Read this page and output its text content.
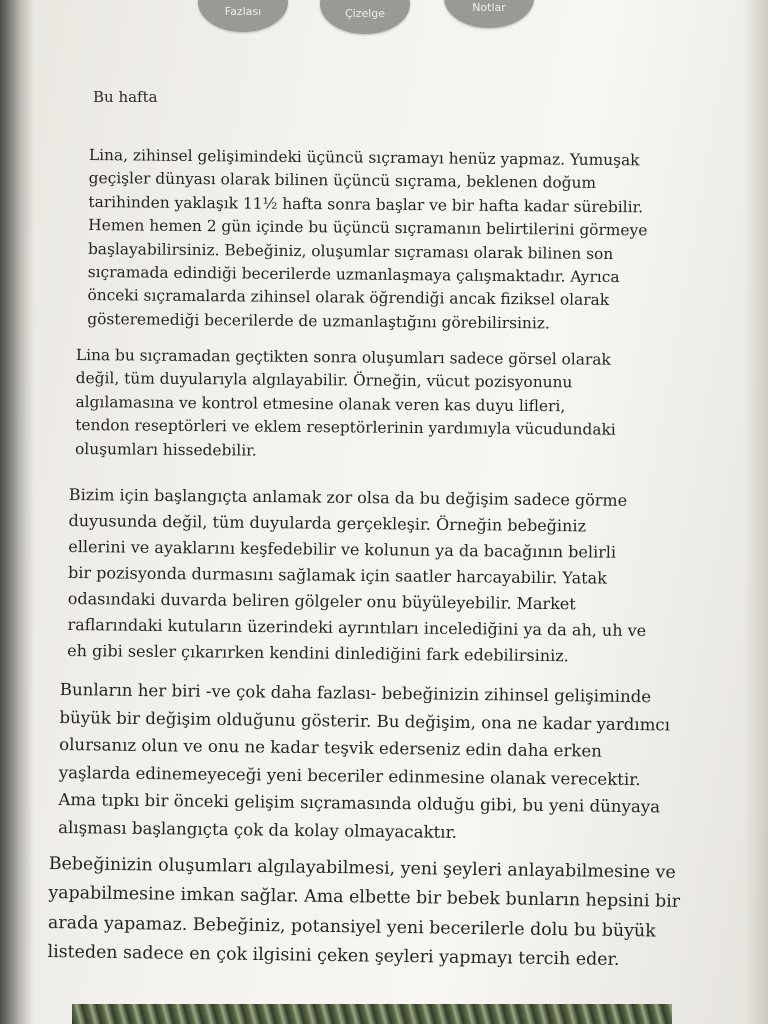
Fazlası	Çizelge	Notlar
Bu hafta

Lina, zihinsel gelişimindeki üçüncü sıçramayı henüz yapmaz. Yumuşak
geçişler dünyası olarak bilinen üçüncü sıçrama, beklenen doğum
tarihinden yaklaşık 11½ hafta sonra başlar ve bir hafta kadar sürebilir.
Hemen hemen 2 gün içinde bu üçüncü sıçramanın belirtilerini görmeye
başlayabilirsiniz. Bebeğiniz, oluşumlar sıçraması olarak bilinen son
sıçramada edindiği becerilerde uzmanlaşmaya çalışmaktadır. Ayrıca
önceki sıçramalarda zihinsel olarak öğrendiği ancak fiziksel olarak
gösteremediği becerilerde de uzmanlaştığını görebilirsiniz.

Lina bu sıçramadan geçtikten sonra oluşumları sadece görsel olarak
değil, tüm duyularıyla algılayabilir. Örneğin, vücut pozisyonunu
algılamasına ve kontrol etmesine olanak veren kas duyu lifleri,
tendon reseptörleri ve eklem reseptörlerinin yardımıyla vücudundaki
oluşumları hissedebilir.

Bizim için başlangıçta anlamak zor olsa da bu değişim sadece görme
duyusunda değil, tüm duyularda gerçekleşir. Örneğin bebeğiniz
ellerini ve ayaklarını keşfedebilir ve kolunun ya da bacağının belirli
bir pozisyonda durmasını sağlamak için saatler harcayabilir. Yatak
odasındaki duvarda beliren gölgeler onu büyüleyebilir. Market
raflarındaki kutuların üzerindeki ayrıntıları incelediğini ya da ah, uh ve
eh gibi sesler çıkarırken kendini dinlediğini fark edebilirsiniz.

Bunların her biri -ve çok daha fazlası- bebeğinizin zihinsel gelişiminde
büyük bir değişim olduğunu gösterir. Bu değişim, ona ne kadar yardımcı
olursanız olun ve onu ne kadar teşvik ederseniz edin daha erken
yaşlarda edinemeyeceği yeni beceriler edinmesine olanak verecektir.
Ama tıpkı bir önceki gelişim sıçramasında olduğu gibi, bu yeni dünyaya
alışması başlangıçta çok da kolay olmayacaktır.

Bebeğinizin oluşumları algılayabilmesi, yeni şeyleri anlayabilmesine ve
yapabilmesine imkan sağlar. Ama elbette bir bebek bunların hepsini bir
arada yapamaz. Bebeğiniz, potansiyel yeni becerilerle dolu bu büyük
listeden sadece en çok ilgisini çeken şeyleri yapmayı tercih eder.
